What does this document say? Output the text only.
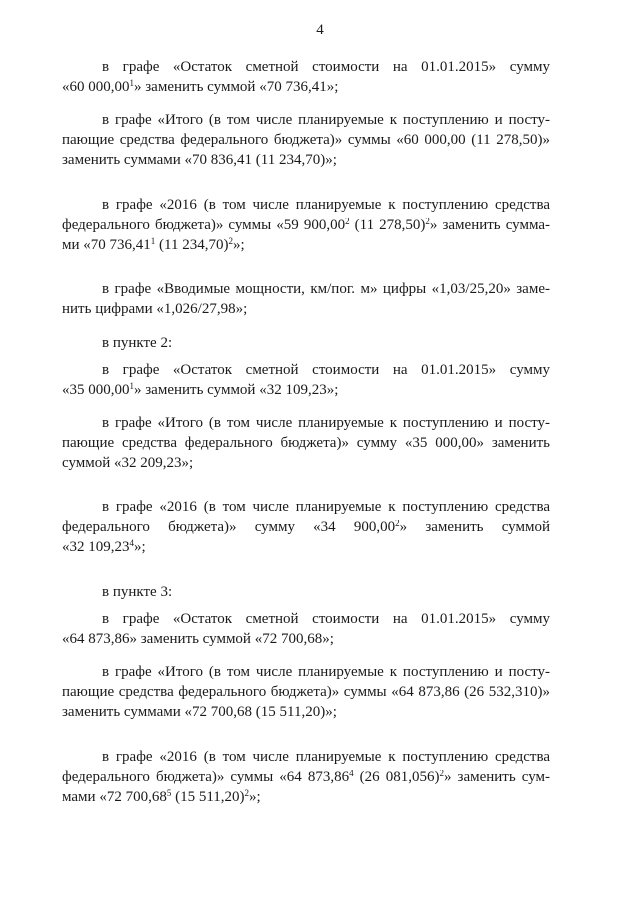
4
в графе «Остаток сметной стоимости на 01.01.2015» сумму
«60 000,00$^1$» заменить суммой «70 736,41»;
в графе «Итого (в том числе планируемые к поступлению и посту-
пающие средства федерального бюджета)» суммы «60 000,00 (11 278,50)»
заменить суммами «70 836,41 (11 234,70)»;
в графе «2016 (в том числе планируемые к поступлению средства
федерального бюджета)» суммы «59 900,00$^2$ (11 278,50)$^2$» заменить сумма-
ми «70 736,41$^1$ (11 234,70)$^2$»;
в графе «Вводимые мощности, км/пог. м» цифры «1,03/25,20» заме-
нить цифрами «1,026/27,98»;
в пункте 2:
в графе «Остаток сметной стоимости на 01.01.2015» сумму
«35 000,00$^1$» заменить суммой «32 109,23»;
в графе «Итого (в том числе планируемые к поступлению и посту-
пающие средства федерального бюджета)» сумму «35 000,00» заменить
суммой «32 209,23»;
в графе «2016 (в том числе планируемые к поступлению средства
федерального бюджета)» сумму «34 900,00$^2$» заменить суммой
«32 109,23$^4$»;
в пункте 3:
в графе «Остаток сметной стоимости на 01.01.2015» сумму
«64 873,86» заменить суммой «72 700,68»;
в графе «Итого (в том числе планируемые к поступлению и посту-
пающие средства федерального бюджета)» суммы «64 873,86 (26 532,310)»
заменить суммами «72 700,68 (15 511,20)»;
в графе «2016 (в том числе планируемые к поступлению средства
федерального бюджета)» суммы «64 873,86$^4$ (26 081,056)$^2$» заменить сум-
мами «72 700,68$^5$ (15 511,20)$^2$»;
